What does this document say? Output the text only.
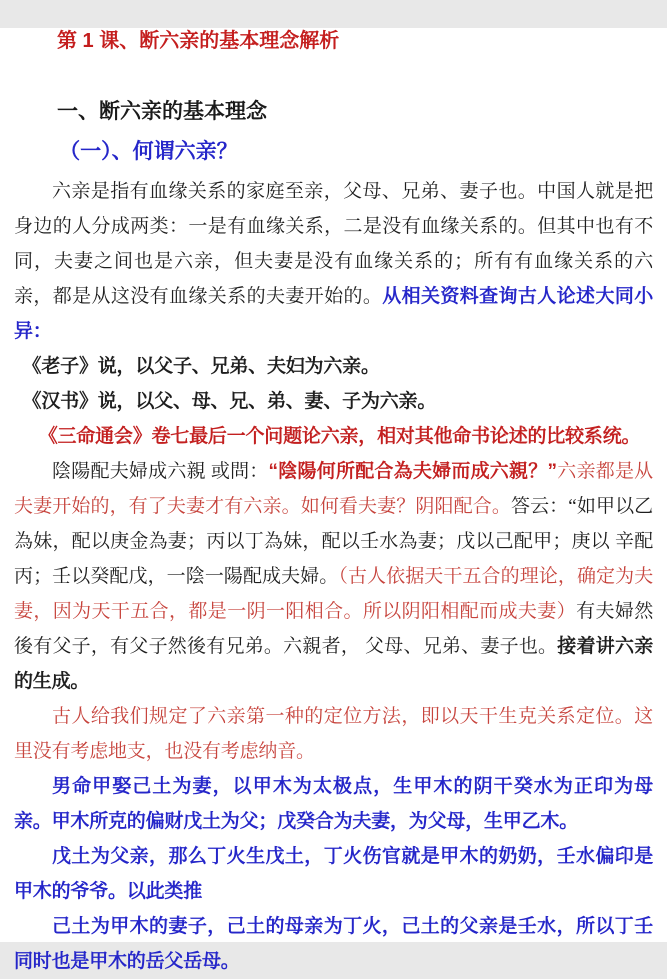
第 1 课、断六亲的基本理念解析
一、断六亲的基本理念
（一）、何谓六亲？

六亲是指有血缘关系的家庭至亲，父母、兄弟、妻子也。中国人就是把身边的人分成两类：一是有血缘关系，二是没有血缘关系的。但其中也有不同，夫妻之间也是六亲，但夫妻是没有血缘关系的；所有有血缘关系的六亲，都是从这没有血缘关系的夫妻开始的。从相关资料查询古人论述大同小异：

《老子》说，以父子、兄弟、夫妇为六亲。

《汉书》说，以父、母、兄、弟、妻、子为六亲。

《三命通会》卷七最后一个问题论六亲，相对其他命书论述的比较系统。

陰陽配夫婦成六親 或問：“陰陽何所配合為夫婦而成六親？”六亲都是从夫妻开始的，有了夫妻才有六亲。如何看夫妻？阴阳配合。答云：“如甲以乙為妹，配以庚金為妻；丙以丁為妹，配以壬水為妻；戊以己配甲；庚以 辛配丙；壬以癸配戊，一陰一陽配成夫婦。（古人依据天干五合的理论，确定为夫妻，因为天干五合，都是一阴一阳相合。所以阴阳相配而成夫妻）有夫婦然後有父子，有父子然後有兄弟。六親者， 父母、兄弟、妻子也。接着讲六亲的生成。

古人给我们规定了六亲第一种的定位方法，即以天干生克关系定位。这里没有考虑地支，也没有考虑纳音。

男命甲娶己土为妻，以甲木为太极点，生甲木的阴干癸水为正印为母亲。甲木所克的偏财戊土为父；戊癸合为夫妻，为父母，生甲乙木。

戊土为父亲，那么丁火生戊土，丁火伤官就是甲木的奶奶，壬水偏印是甲木的爷爷。以此类推

己土为甲木的妻子，己土的母亲为丁火，己土的父亲是壬水，所以丁壬同时也是甲木的岳父岳母。
